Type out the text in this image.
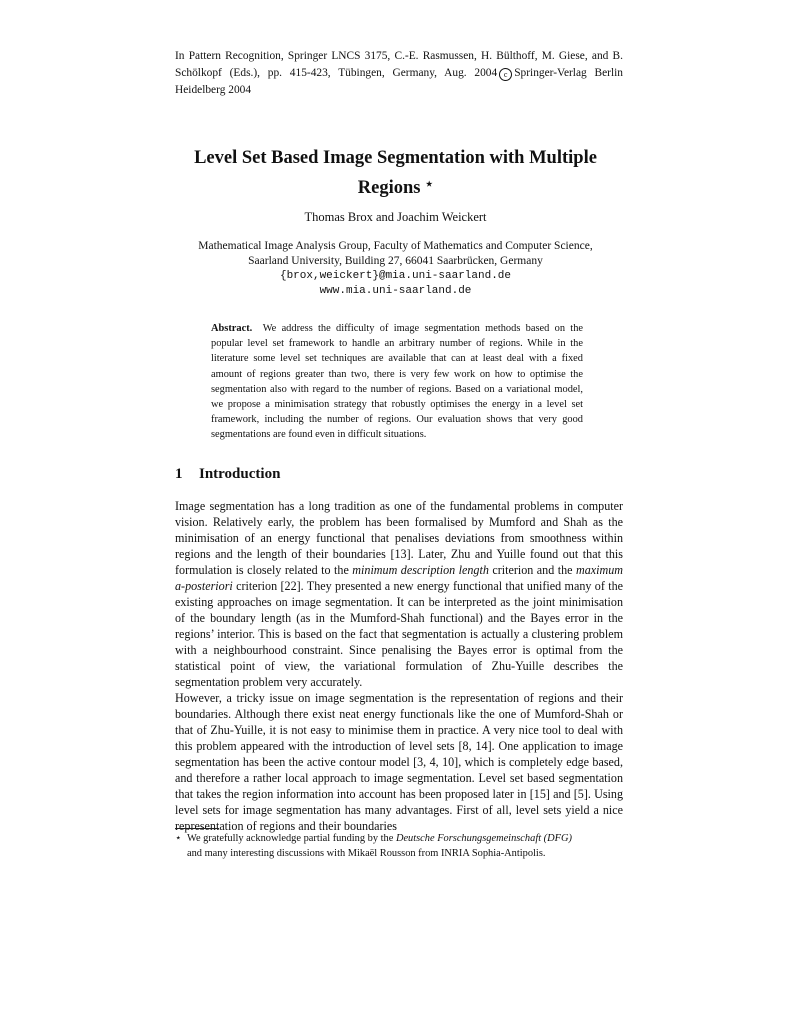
In Pattern Recognition, Springer LNCS 3175, C.-E. Rasmussen, H. Bülthoff, M. Giese, and B. Schölkopf (Eds.), pp. 415-423, Tübingen, Germany, Aug. 2004 c Springer-Verlag Berlin Heidelberg 2004
Level Set Based Image Segmentation with Multiple
Regions ⋆
Thomas Brox and Joachim Weickert
Mathematical Image Analysis Group, Faculty of Mathematics and Computer Science,
Saarland University, Building 27, 66041 Saarbrücken, Germany
{brox,weickert}@mia.uni-saarland.de
www.mia.uni-saarland.de
Abstract. We address the difficulty of image segmentation methods based on the popular level set framework to handle an arbitrary number of regions. While in the literature some level set techniques are available that can at least deal with a fixed amount of regions greater than two, there is very few work on how to optimise the segmentation also with regard to the number of regions. Based on a variational model, we propose a minimisation strategy that robustly optimises the energy in a level set framework, including the number of regions. Our evaluation shows that very good segmentations are found even in difficult situations.
1 Introduction

Image segmentation has a long tradition as one of the fundamental problems in computer vision. Relatively early, the problem has been formalised by Mumford and Shah as the minimisation of an energy functional that penalises deviations from smoothness within regions and the length of their boundaries [13]. Later, Zhu and Yuille found out that this formulation is closely related to the minimum description length criterion and the maximum a-posteriori criterion [22]. They presented a new energy functional that unified many of the existing approaches on image segmentation. It can be interpreted as the joint minimisation of the boundary length (as in the Mumford-Shah functional) and the Bayes error in the regions’ interior. This is based on the fact that segmentation is actually a clustering problem with a neighbourhood constraint. Since penalising the Bayes error is optimal from the statistical point of view, the variational formulation of Zhu-Yuille describes the segmentation problem very accurately.

However, a tricky issue on image segmentation is the representation of regions and their boundaries. Although there exist neat energy functionals like the one of Mumford-Shah or that of Zhu-Yuille, it is not easy to minimise them in practice. A very nice tool to deal with this problem appeared with the introduction of level sets [8, 14]. One application to image segmentation has been the active contour model [3, 4, 10], which is completely edge based, and therefore a rather local approach to image segmentation. Level set based segmentation that takes the region information into account has been proposed later in [15] and [5]. Using level sets for image segmentation has many advantages. First of all, level sets yield a nice representation of regions and their boundaries

⋆ We gratefully acknowledge partial funding by the Deutsche Forschungsgemeinschaft (DFG)
and many interesting discussions with Mikaël Rousson from INRIA Sophia-Antipolis.
